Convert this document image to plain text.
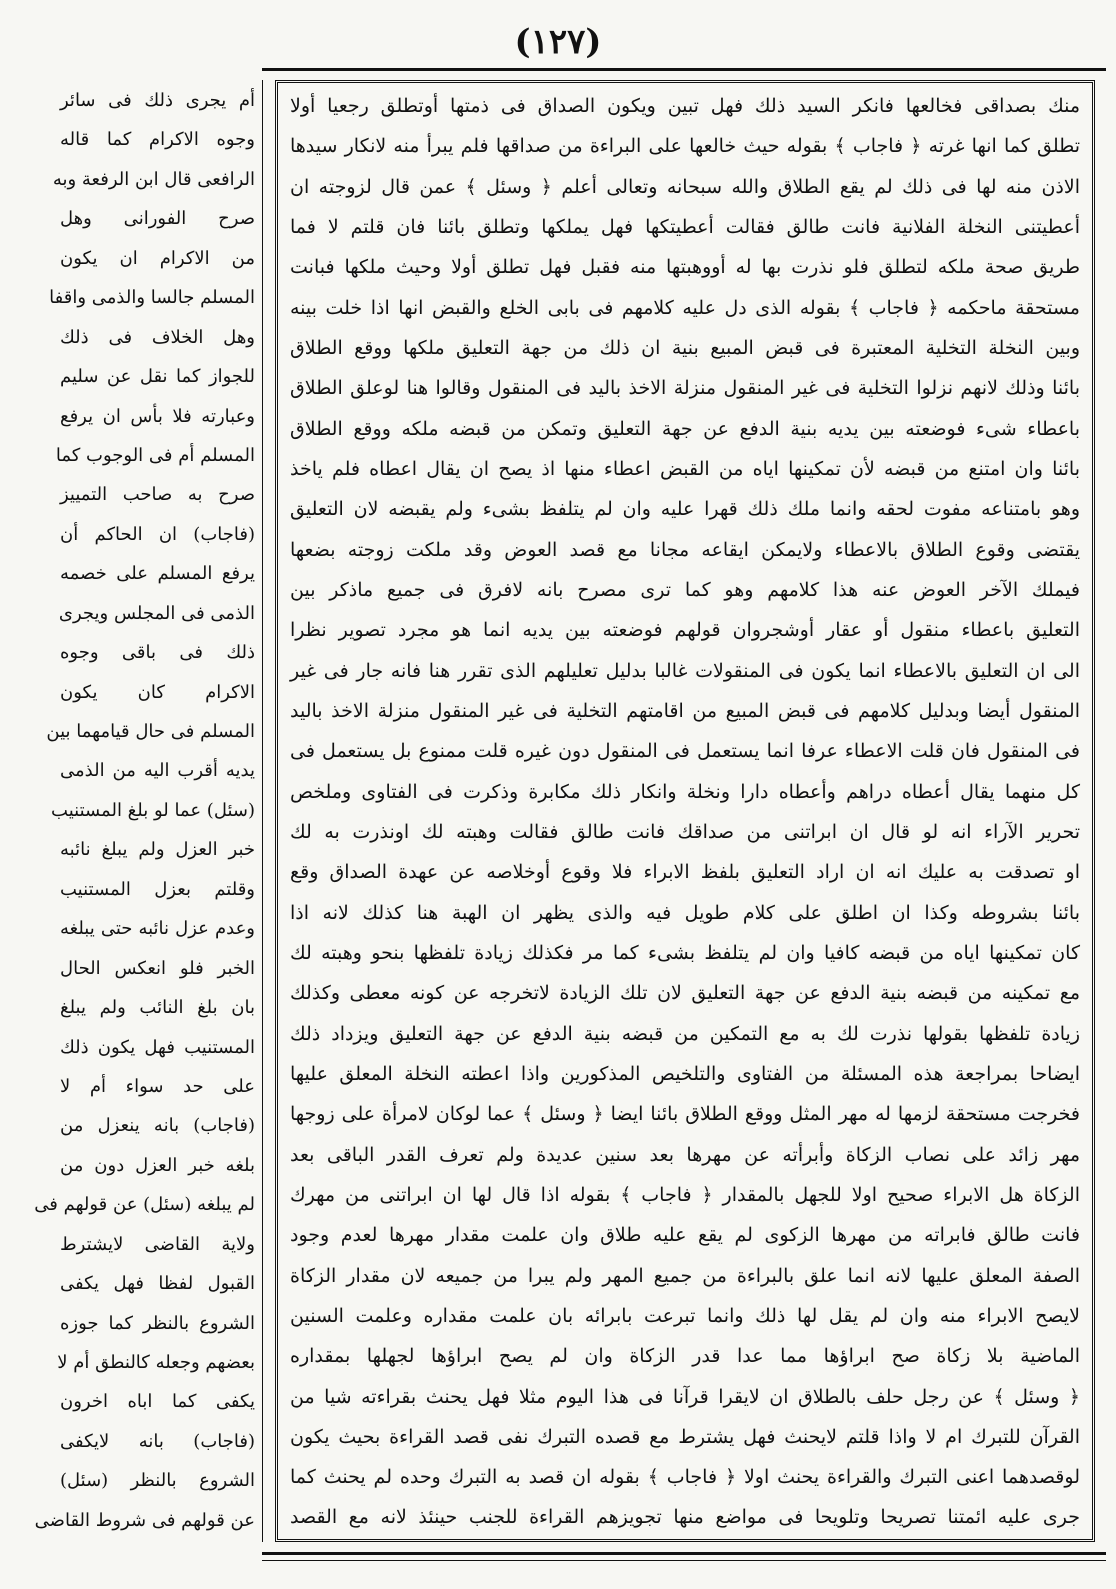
(١٢٧)
أم يجرى ذلك فى سائر
وجوه الاكرام كما قاله
الرافعى قال ابن الرفعة وبه
صرح الفورانى وهل
من الاكرام ان يكون
المسلم جالسا والذمى واقفا
وهل الخلاف فى ذلك
للجواز كما نقل عن سليم
وعبارته فلا بأس ان يرفع
المسلم أم فى الوجوب كما
صرح به صاحب التمييز
(فاجاب) ان الحاكم أن
يرفع المسلم على خصمه
الذمى فى المجلس ويجرى
ذلك فى باقى وجوه
الاكرام كان يكون
المسلم فى حال قيامهما بين
يديه أقرب اليه من الذمى
(سئل) عما لو بلغ المستنيب
خبر العزل ولم يبلغ نائبه
وقلتم بعزل المستنيب
وعدم عزل نائبه حتى يبلغه
الخبر فلو انعكس الحال
بان بلغ النائب ولم يبلغ
المستنيب فهل يكون ذلك
على حد سواء أم لا
(فاجاب) بانه ينعزل من
بلغه خبر العزل دون من
لم يبلغه (سئل) عن قولهم فى
ولاية القاضى لايشترط
القبول لفظا فهل يكفى
الشروع بالنظر كما جوزه
بعضهم وجعله كالنطق أم لا
يكفى كما اباه اخرون
(فاجاب) بانه لايكفى
الشروع بالنظر (سئل)
عن قولهم فى شروط القاضى
منك بصداقى فخالعها فانكر السيد ذلك فهل تبين ويكون الصداق فى ذمتها أوتطلق رجعيا أولا
تطلق كما انها غرته ﴿ فاجاب ﴾ بقوله حيث خالعها على البراءة من صداقها فلم يبرأ منه لانكار سيدها
الاذن منه لها فى ذلك لم يقع الطلاق والله سبحانه وتعالى أعلم ﴿ وسئل ﴾ عمن قال لزوجته ان
أعطيتنى النخلة الفلانية فانت طالق فقالت أعطيتكها فهل يملكها وتطلق بائنا فان قلتم لا فما
طريق صحة ملكه لتطلق فلو نذرت بها له أووهبتها منه فقبل فهل تطلق أولا وحيث ملكها فبانت
مستحقة ماحكمه ﴿ فاجاب ﴾ بقوله الذى دل عليه كلامهم فى بابى الخلع والقبض انها اذا خلت بينه
وبين النخلة التخلية المعتبرة فى قبض المبيع بنية ان ذلك من جهة التعليق ملكها ووقع الطلاق
بائنا وذلك لانهم نزلوا التخلية فى غير المنقول منزلة الاخذ باليد فى المنقول وقالوا هنا لوعلق الطلاق
باعطاء شىء فوضعته بين يديه بنية الدفع عن جهة التعليق وتمكن من قبضه ملكه ووقع الطلاق
بائنا وان امتنع من قبضه لأن تمكينها اياه من القبض اعطاء منها اذ يصح ان يقال اعطاه فلم ياخذ
وهو بامتناعه مفوت لحقه وانما ملك ذلك قهرا عليه وان لم يتلفظ بشىء ولم يقبضه لان التعليق
يقتضى وقوع الطلاق بالاعطاء ولايمكن ايقاعه مجانا مع قصد العوض وقد ملكت زوجته بضعها
فيملك الآخر العوض عنه هذا كلامهم وهو كما ترى مصرح بانه لافرق فى جميع ماذكر بين
التعليق باعطاء منقول أو عقار أوشجروان قولهم فوضعته بين يديه انما هو مجرد تصوير نظرا
الى ان التعليق بالاعطاء انما يكون فى المنقولات غالبا بدليل تعليلهم الذى تقرر هنا فانه جار فى غير
المنقول أيضا وبدليل كلامهم فى قبض المبيع من اقامتهم التخلية فى غير المنقول منزلة الاخذ باليد
فى المنقول فان قلت الاعطاء عرفا انما يستعمل فى المنقول دون غيره قلت ممنوع بل يستعمل فى
كل منهما يقال أعطاه دراهم وأعطاه دارا ونخلة وانكار ذلك مكابرة وذكرت فى الفتاوى وملخص
تحرير الآراء انه لو قال ان ابراتنى من صداقك فانت طالق فقالت وهبته لك اونذرت به لك
او تصدقت به عليك انه ان اراد التعليق بلفظ الابراء فلا وقوع أوخلاصه عن عهدة الصداق وقع
بائنا بشروطه وكذا ان اطلق على كلام طويل فيه والذى يظهر ان الهبة هنا كذلك لانه اذا
كان تمكينها اياه من قبضه كافيا وان لم يتلفظ بشىء كما مر فكذلك زيادة تلفظها بنحو وهبته لك
مع تمكينه من قبضه بنية الدفع عن جهة التعليق لان تلك الزيادة لاتخرجه عن كونه معطى وكذلك
زيادة تلفظها بقولها نذرت لك به مع التمكين من قبضه بنية الدفع عن جهة التعليق ويزداد ذلك
ايضاحا بمراجعة هذه المسئلة من الفتاوى والتلخيص المذكورين واذا اعطته النخلة المعلق عليها
فخرجت مستحقة لزمها له مهر المثل ووقع الطلاق بائنا ايضا ﴿ وسئل ﴾ عما لوكان لامرأة على زوجها
مهر زائد على نصاب الزكاة وأبرأته عن مهرها بعد سنين عديدة ولم تعرف القدر الباقى بعد
الزكاة هل الابراء صحيح اولا للجهل بالمقدار ﴿ فاجاب ﴾ بقوله اذا قال لها ان ابراتنى من مهرك
فانت طالق فابراته من مهرها الزكوى لم يقع عليه طلاق وان علمت مقدار مهرها لعدم وجود
الصفة المعلق عليها لانه انما علق بالبراءة من جميع المهر ولم يبرا من جميعه لان مقدار الزكاة
لايصح الابراء منه وان لم يقل لها ذلك وانما تبرعت بابرائه بان علمت مقداره وعلمت السنين
الماضية بلا زكاة صح ابراؤها مما عدا قدر الزكاة وان لم يصح ابراؤها لجهلها بمقداره
﴿ وسئل ﴾ عن رجل حلف بالطلاق ان لايقرا قرآنا فى هذا اليوم مثلا فهل يحنث بقراءته شيا من
القرآن للتبرك ام لا واذا قلتم لايحنث فهل يشترط مع قصده التبرك نفى قصد القراءة بحيث يكون
لوقصدهما اعنى التبرك والقراءة يحنث اولا ﴿ فاجاب ﴾ بقوله ان قصد به التبرك وحده لم يحنث كما
جرى عليه ائمتنا تصريحا وتلويحا فى مواضع منها تجويزهم القراءة للجنب حينئذ لانه مع القصد
